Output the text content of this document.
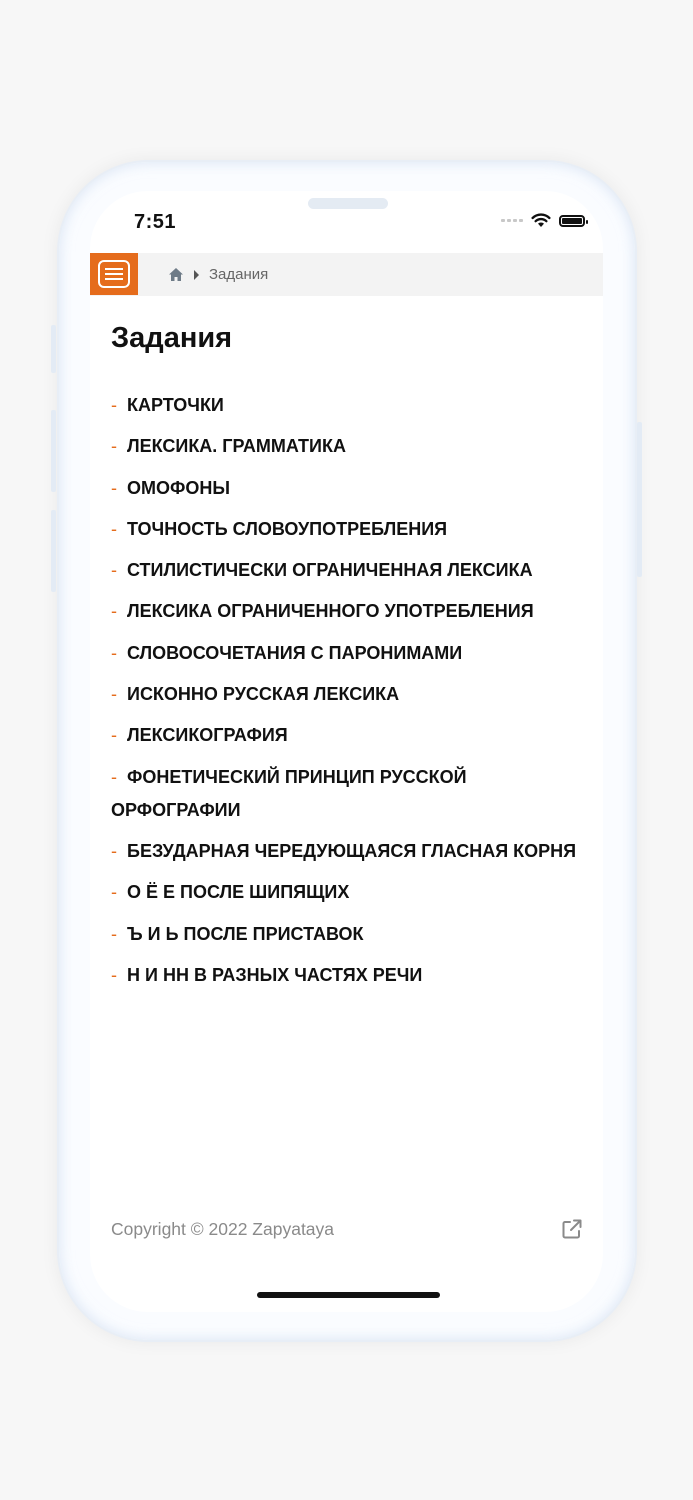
7:51
Задания
Задания
- КАРТОЧКИ
- ЛЕКСИКА. ГРАММАТИКА
- ОМОФОНЫ
- ТОЧНОСТЬ СЛОВОУПОТРЕБЛЕНИЯ
- СТИЛИСТИЧЕСКИ ОГРАНИЧЕННАЯ ЛЕКСИКА
- ЛЕКСИКА ОГРАНИЧЕННОГО УПОТРЕБЛЕНИЯ
- СЛОВОСОЧЕТАНИЯ С ПАРОНИМАМИ
- ИСКОННО РУССКАЯ ЛЕКСИКА
- ЛЕКСИКОГРАФИЯ
- ФОНЕТИЧЕСКИЙ ПРИНЦИП РУССКОЙ ОРФОГРАФИИ
- БЕЗУДАРНАЯ ЧЕРЕДУЮЩАЯСЯ ГЛАСНАЯ КОРНЯ
- О Ё Е ПОСЛЕ ШИПЯЩИХ
- Ъ И Ь ПОСЛЕ ПРИСТАВОК
- Н И НН В РАЗНЫХ ЧАСТЯХ РЕЧИ
Copyright © 2022 Zapyataya
